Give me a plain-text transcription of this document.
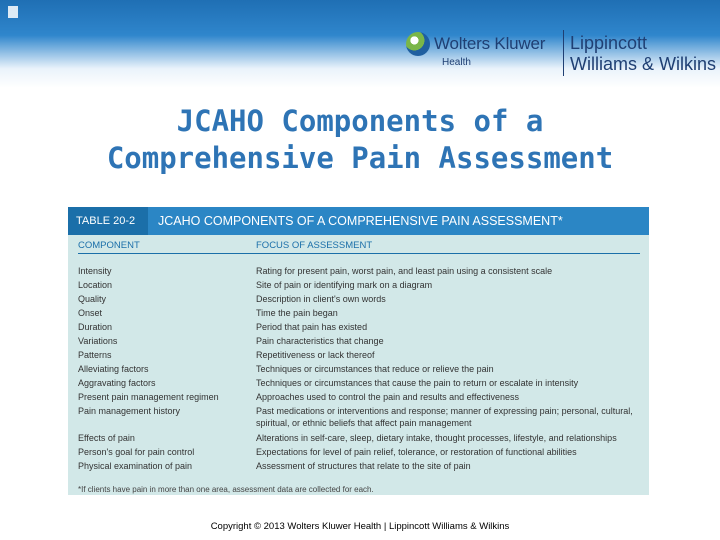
Wolters Kluwer
Health
Lippincott
Williams & Wilkins
JCAHO Components of a
Comprehensive Pain Assessment
TABLE 20-2	JCAHO COMPONENTS OF A COMPREHENSIVE PAIN ASSESSMENT*
COMPONENT	FOCUS OF ASSESSMENT
Intensity	Rating for present pain, worst pain, and least pain using a consistent scale
Location	Site of pain or identifying mark on a diagram
Quality	Description in client's own words
Onset	Time the pain began
Duration	Period that pain has existed
Variations	Pain characteristics that change
Patterns	Repetitiveness or lack thereof
Alleviating factors	Techniques or circumstances that reduce or relieve the pain
Aggravating factors	Techniques or circumstances that cause the pain to return or escalate in intensity
Present pain management regimen	Approaches used to control the pain and results and effectiveness
Pain management history	Past medications or interventions and response; manner of expressing pain; personal, cultural, spiritual, or ethnic beliefs that affect pain management
Effects of pain	Alterations in self-care, sleep, dietary intake, thought processes, lifestyle, and relationships
Person's goal for pain control	Expectations for level of pain relief, tolerance, or restoration of functional abilities
Physical examination of pain	Assessment of structures that relate to the site of pain
*If clients have pain in more than one area, assessment data are collected for each.
Copyright © 2013 Wolters Kluwer Health | Lippincott Williams & Wilkins
